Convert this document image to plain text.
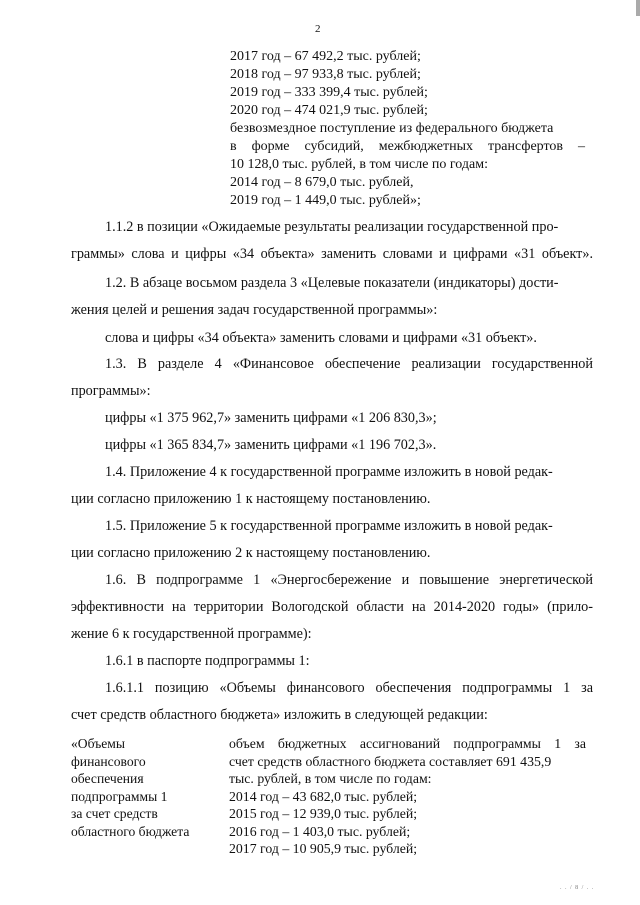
2
2017 год – 67 492,2 тыс. рублей;
2018 год – 97 933,8 тыс. рублей;
2019 год – 333 399,4 тыс. рублей;
2020 год – 474 021,9 тыс. рублей;
безвозмездное поступление из федерального бюджета
в форме субсидий, межбюджетных трансфертов –
10 128,0 тыс. рублей, в том числе по годам:
2014 год – 8 679,0 тыс. рублей,
2019 год – 1 449,0 тыс. рублей»;
1.1.2 в позиции «Ожидаемые результаты реализации государственной про-
граммы» слова и цифры «34 объекта» заменить словами и цифрами «31 объект».
1.2. В абзаце восьмом раздела 3 «Целевые показатели (индикаторы) дости-
жения целей и решения задач государственной программы»:
слова и цифры «34 объекта» заменить словами и цифрами «31 объект».
1.3. В разделе 4 «Финансовое обеспечение реализации государственной
программы»:
цифры «1 375 962,7» заменить цифрами «1 206 830,3»;
цифры «1 365 834,7» заменить цифрами «1 196 702,3».
1.4. Приложение 4 к государственной программе изложить в новой редак-
ции согласно приложению 1 к настоящему постановлению.
1.5. Приложение 5 к государственной программе изложить в новой редак-
ции согласно приложению 2 к настоящему постановлению.
1.6. В подпрограмме 1 «Энергосбережение и повышение энергетической
эффективности на территории Вологодской области на 2014-2020 годы» (прило-
жение 6 к государственной программе):
1.6.1 в паспорте подпрограммы 1:
1.6.1.1 позицию «Объемы финансового обеспечения подпрограммы 1 за
счет средств областного бюджета» изложить в следующей редакции:
«Объемы
финансового
обеспечения
подпрограммы 1
за счет средств
областного бюджета
объем бюджетных ассигнований подпрограммы 1 за
счет средств областного бюджета составляет 691 435,9
тыс. рублей, в том числе по годам:
2014 год – 43 682,0 тыс. рублей;
2015 год – 12 939,0 тыс. рублей;
2016 год – 1 403,0 тыс. рублей;
2017 год – 10 905,9 тыс. рублей;
. . / 8 / . .
